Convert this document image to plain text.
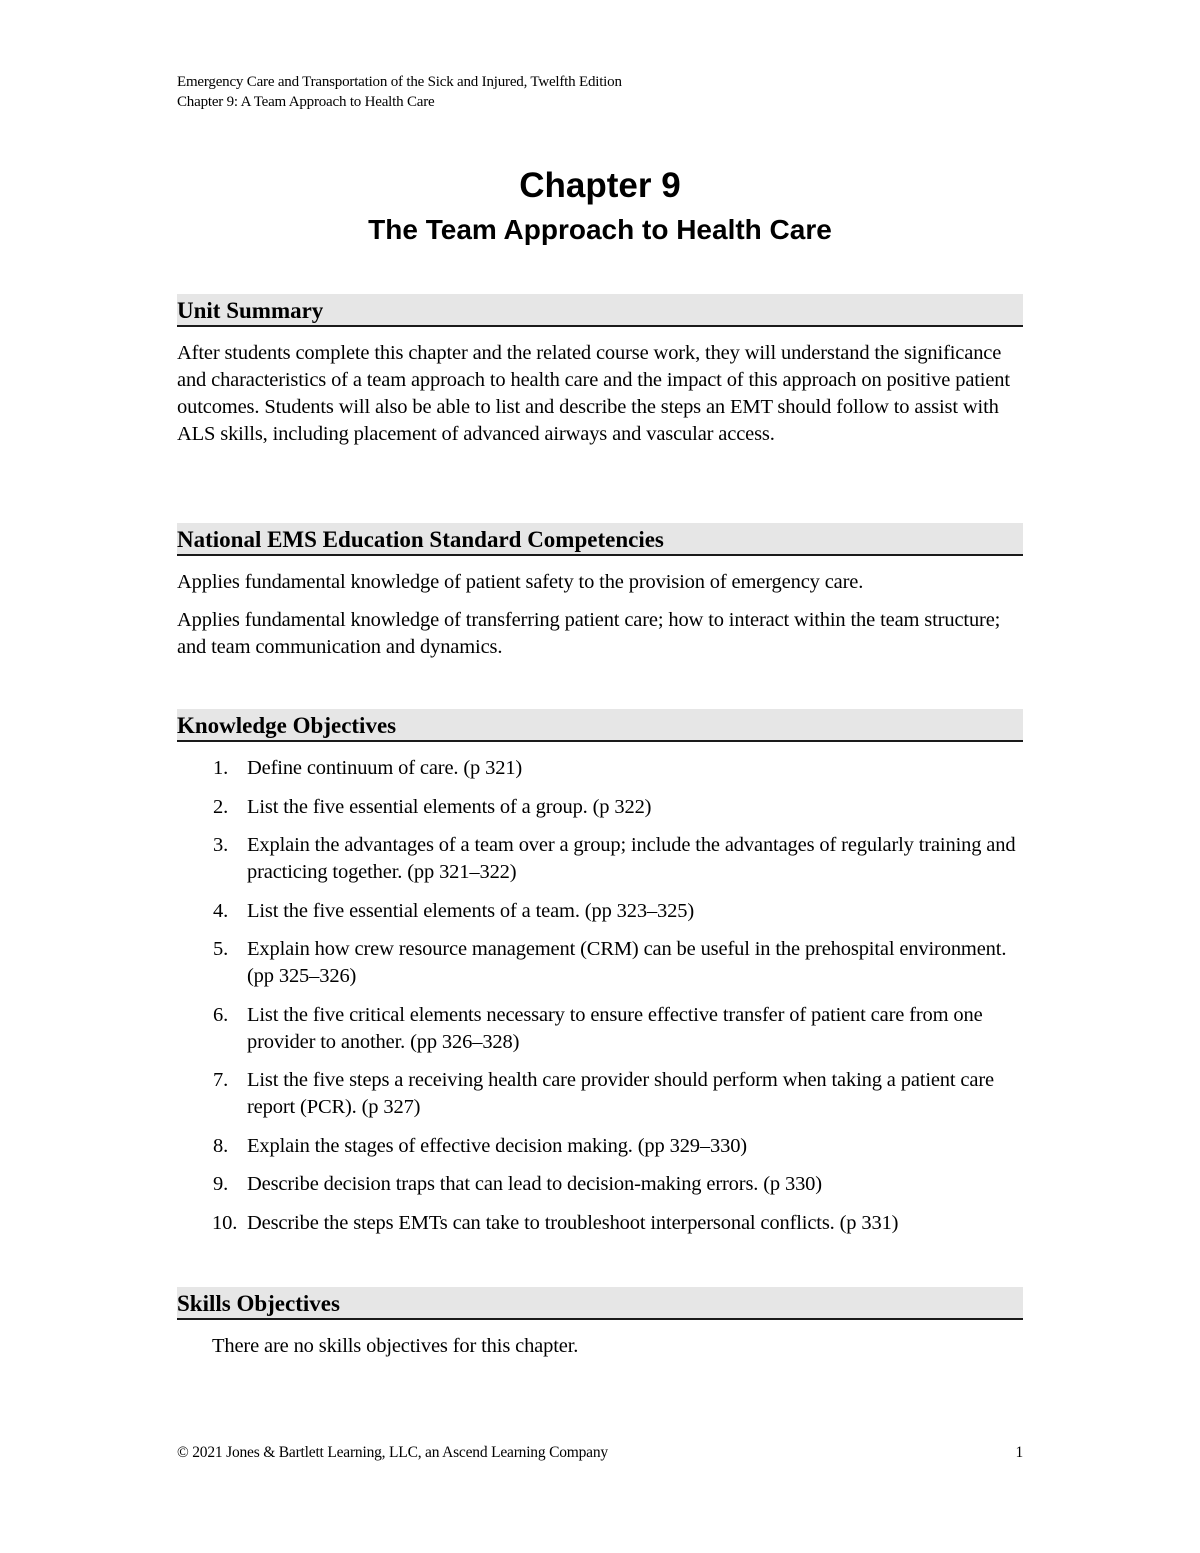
Emergency Care and Transportation of the Sick and Injured, Twelfth Edition
Chapter 9: A Team Approach to Health Care
Chapter 9
The Team Approach to Health Care
Unit Summary

After students complete this chapter and the related course work, they will understand the significance and characteristics of a team approach to health care and the impact of this approach on positive patient outcomes. Students will also be able to list and describe the steps an EMT should follow to assist with ALS skills, including placement of advanced airways and vascular access.

National EMS Education Standard Competencies

Applies fundamental knowledge of patient safety to the provision of emergency care.

Applies fundamental knowledge of transferring patient care; how to interact within the team structure; and team communication and dynamics.

Knowledge Objectives
1. Define continuum of care. (p 321)
2. List the five essential elements of a group. (p 322)
3. Explain the advantages of a team over a group; include the advantages of regularly training and practicing together. (pp 321–322)
4. List the five essential elements of a team. (pp 323–325)
5. Explain how crew resource management (CRM) can be useful in the prehospital environment. (pp 325–326)
6. List the five critical elements necessary to ensure effective transfer of patient care from one provider to another. (pp 326–328)
7. List the five steps a receiving health care provider should perform when taking a patient care report (PCR). (p 327)
8. Explain the stages of effective decision making. (pp 329–330)
9. Describe decision traps that can lead to decision-making errors. (p 330)
10. Describe the steps EMTs can take to troubleshoot interpersonal conflicts. (p 331)
Skills Objectives

There are no skills objectives for this chapter.

© 2021 Jones & Bartlett Learning, LLC, an Ascend Learning Company	1
